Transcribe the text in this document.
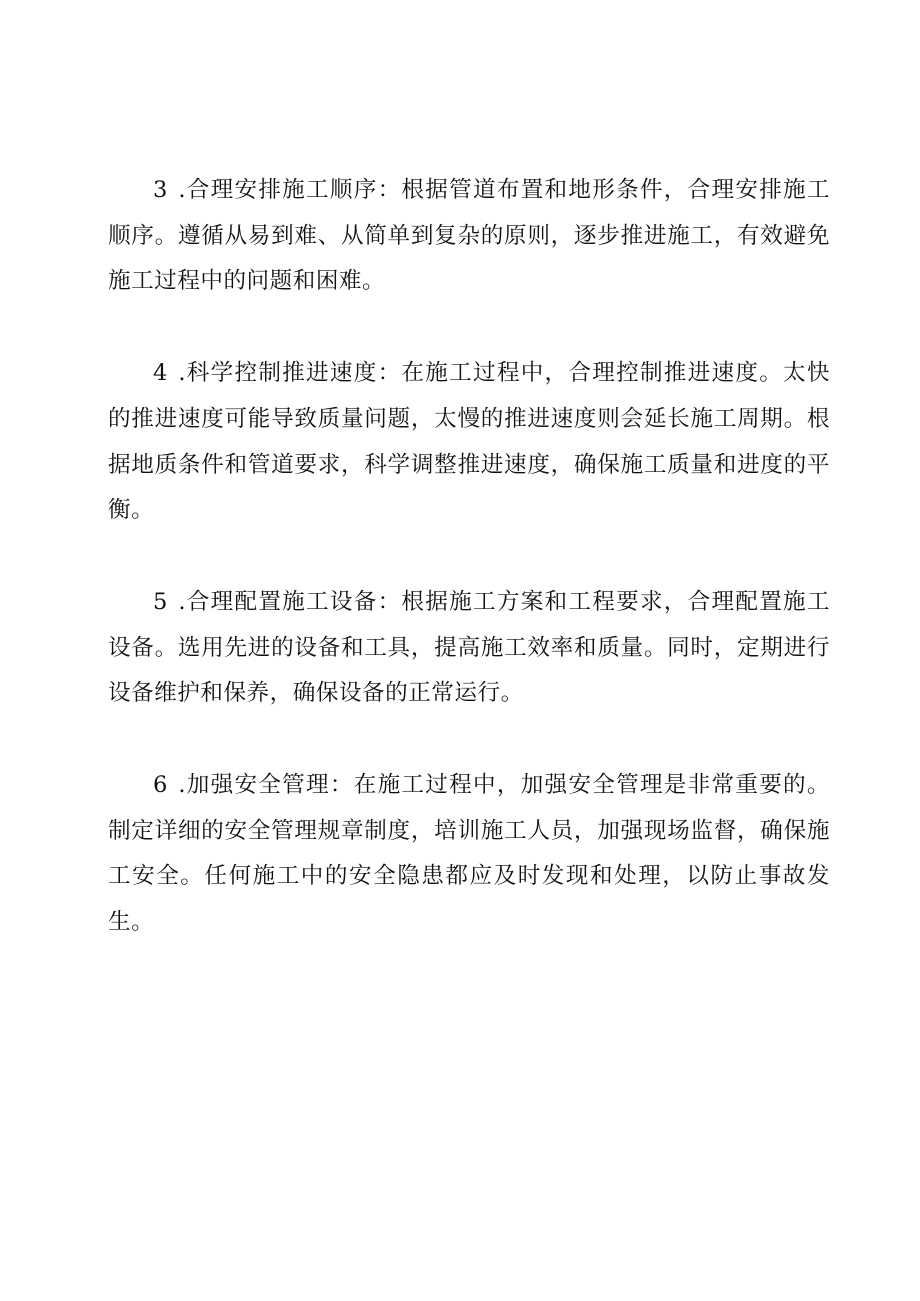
3 .合理安排施工顺序：根据管道布置和地形条件，合理安排施工顺序。遵循从易到难、从简单到复杂的原则，逐步推进施工，有效避免施工过程中的问题和困难。

4 .科学控制推进速度：在施工过程中，合理控制推进速度。太快的推进速度可能导致质量问题，太慢的推进速度则会延长施工周期。根据地质条件和管道要求，科学调整推进速度，确保施工质量和进度的平衡。

5 .合理配置施工设备：根据施工方案和工程要求，合理配置施工设备。选用先进的设备和工具，提高施工效率和质量。同时，定期进行设备维护和保养，确保设备的正常运行。

6 .加强安全管理：在施工过程中，加强安全管理是非常重要的。制定详细的安全管理规章制度，培训施工人员，加强现场监督，确保施工安全。任何施工中的安全隐患都应及时发现和处理，以防止事故发生。
